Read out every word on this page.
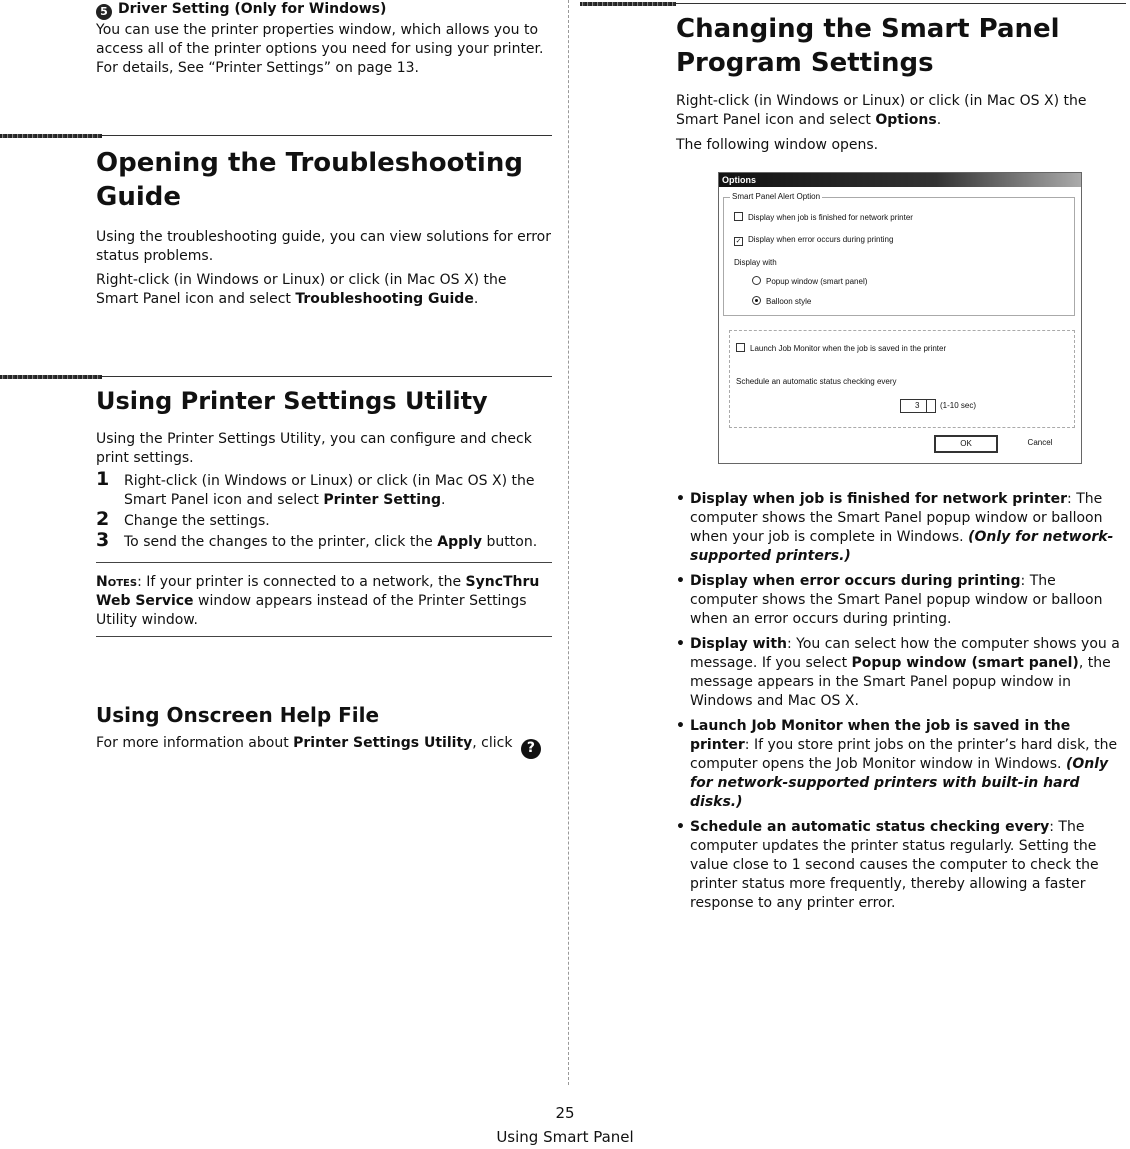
5 Driver Setting (Only for Windows)

You can use the printer properties window, which allows you to access all of the printer options you need for using your printer. For details, See “Printer Settings” on page 13.

Opening the Troubleshooting Guide

Using the troubleshooting guide, you can view solutions for error status problems.

Right-click (in Windows or Linux) or click (in Mac OS X) the Smart Panel icon and select Troubleshooting Guide.

Using Printer Settings Utility

Using the Printer Settings Utility, you can configure and check print settings.

1 Right-click (in Windows or Linux) or click (in Mac OS X) the Smart Panel icon and select Printer Setting.
2 Change the settings.
3 To send the changes to the printer, click the Apply button.

Notes: If your printer is connected to a network, the SyncThru Web Service window appears instead of the Printer Settings Utility window.

Using Onscreen Help File

For more information about Printer Settings Utility, click ?

Changing the Smart Panel Program Settings

Right-click (in Windows or Linux) or click (in Mac OS X) the Smart Panel icon and select Options.

The following window opens.

Options
Smart Panel Alert Option
Display when job is finished for network printer
✓ Display when error occurs during printing
Display with
Popup window (smart panel)
Balloon style
Launch Job Monitor when the job is saved in the printer
Schedule an automatic status checking every
3	(1-10 sec)
OK	Cancel
• Display when job is finished for network printer: The computer shows the Smart Panel popup window or balloon when your job is complete in Windows. (Only for network-supported printers.)
• Display when error occurs during printing: The computer shows the Smart Panel popup window or balloon when an error occurs during printing.
• Display with: You can select how the computer shows you a message. If you select Popup window (smart panel), the message appears in the Smart Panel popup window in Windows and Mac OS X.
• Launch Job Monitor when the job is saved in the printer: If you store print jobs on the printer’s hard disk, the computer opens the Job Monitor window in Windows. (Only for network-supported printers with built-in hard disks.)
• Schedule an automatic status checking every: The computer updates the printer status regularly. Setting the value close to 1 second causes the computer to check the printer status more frequently, thereby allowing a faster response to any printer error.
25
Using Smart Panel
